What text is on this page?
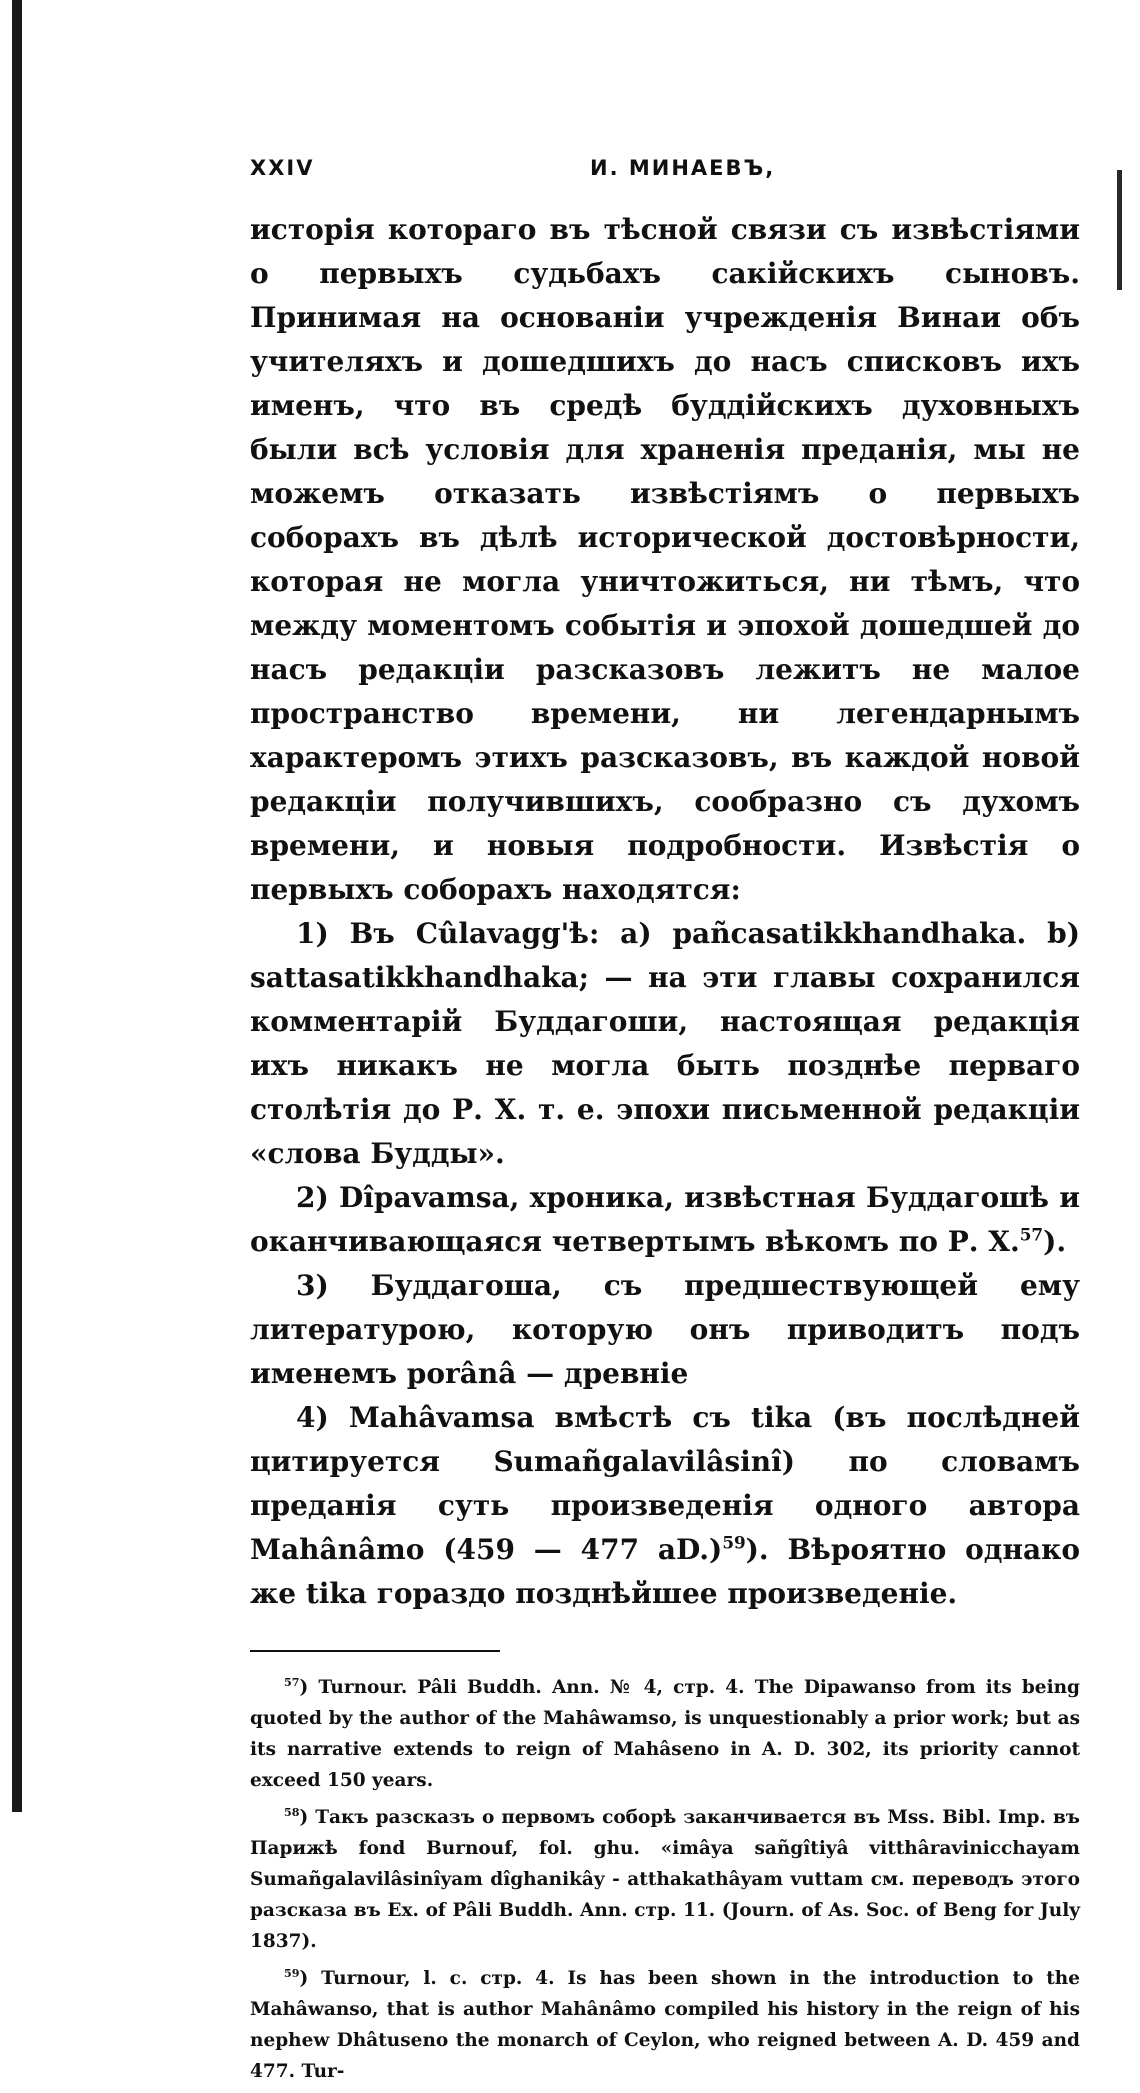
XXIV	И. МИНАЕВЪ,

исторія котораго въ тѣсной связи съ извѣстіями о первыхъ судьбахъ сакійскихъ сыновъ. Принимая на основаніи учрежденія Винаи объ учителяхъ и дошедшихъ до насъ списковъ ихъ именъ, что въ средѣ буддійскихъ духовныхъ были всѣ условія для храненія преданія, мы не можемъ отказать извѣстіямъ о первыхъ соборахъ въ дѣлѣ исторической достовѣрности, которая не могла уничтожиться, ни тѣмъ, что между моментомъ событія и эпохой дошедшей до насъ редакціи разсказовъ лежитъ не малое пространство времени, ни легендарнымъ характеромъ этихъ разсказовъ, въ каждой новой редакціи получившихъ, сообразно съ духомъ времени, и новыя подробности. Извѣстія о первыхъ соборахъ находятся:

1) Въ Cûlavagg'ѣ: a) pañcasatikkhandhaka. b) sattasatikkhandhaka; — на эти главы сохранился комментарій Буддагоши, настоящая редакція ихъ никакъ не могла быть позднѣе перваго столѣтія до Р. Х. т. е. эпохи письменной редакціи «слова Будды».

2) Dîpavamsa, хроника, извѣстная Буддагошѣ и оканчивающаяся четвертымъ вѣкомъ по Р. Х.$^{57}$).

3) Буддагоша, съ предшествующей ему литературою, которую онъ приводитъ подъ именемъ porânâ — древніе

4) Mahâvamsa вмѣстѣ съ tika (въ послѣдней цитируется Sumañgalavilâsinî) по словамъ преданія суть произведенія одного автора Mahânâmo (459 — 477 aD.)$^{59}$). Вѣроятно однако же tika гораздо позднѣйшее произведеніе.

$^{57}$) Turnour. Pâli Buddh. Ann. № 4, стр. 4. The Dipawanso from its being quoted by the author of the Mahâwamso, is unquestionably a prior work; but as its narrative extends to reign of Mahâseno in A. D. 302, its priority cannot exceed 150 years.

$^{58}$) Такъ разсказъ о первомъ соборѣ заканчивается въ Mss. Bibl. Imp. въ Парижѣ fond Burnouf, fol. ghu. «imâya sañgîtiyâ vitthâravinicchayam Sumañgalavilâsinîyam dîghanikây - atthakathâyam vuttam см. переводъ этого разсказа въ Ex. of Pâli Buddh. Ann. стр. 11. (Journ. of As. Soc. of Beng for July 1837).

$^{59}$) Turnour, l. c. стр. 4. Is has been shown in the introduction to the Mahâwanso, that is author Mahânâmo compiled his history in the reign of his nephew Dhâtuseno the monarch of Ceylon, who reigned between A. D. 459 and 477. Tur-
